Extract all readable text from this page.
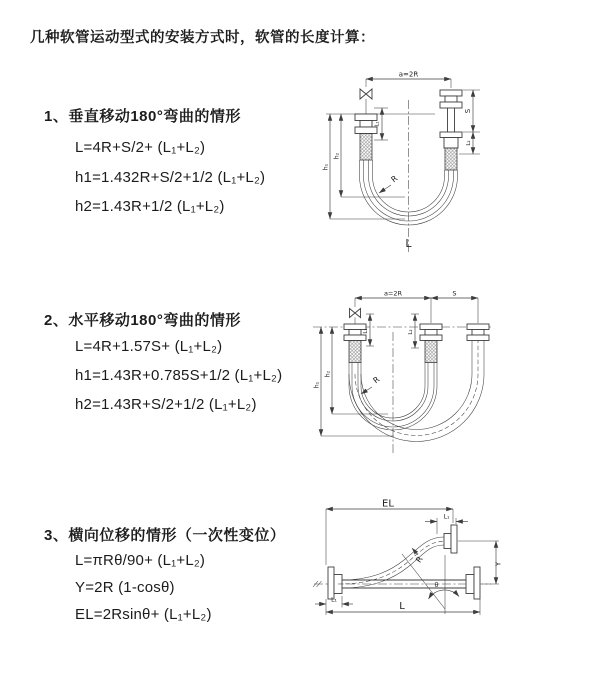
几种软管运动型式的安装方式时，软管的长度计算：
1、垂直移动180°弯曲的情形
L=4R+S/2+ (L₁+L₂)
h1=1.432R+S/2+1/2 (L₁+L₂)
h2=1.43R+1/2 (L₁+L₂)
2、水平移动180°弯曲的情形
L=4R+1.57S+ (L₁+L₂)
h1=1.43R+0.785S+1/2 (L₁+L₂)
h2=1.43R+S/2+1/2 (L₁+L₂)
3、横向位移的情形（一次性变位）
L=πRθ/90+ (L₁+L₂)
Y=2R (1-cosθ)
EL=2Rsinθ+ (L₁+L₂)
a=2R
L₁
h₁
h₂
S
L₂
R
L
a=2R	S
h₁
h₂
L₁	L₂
R
θ
EL
L₁
Y
L
L₁
R
